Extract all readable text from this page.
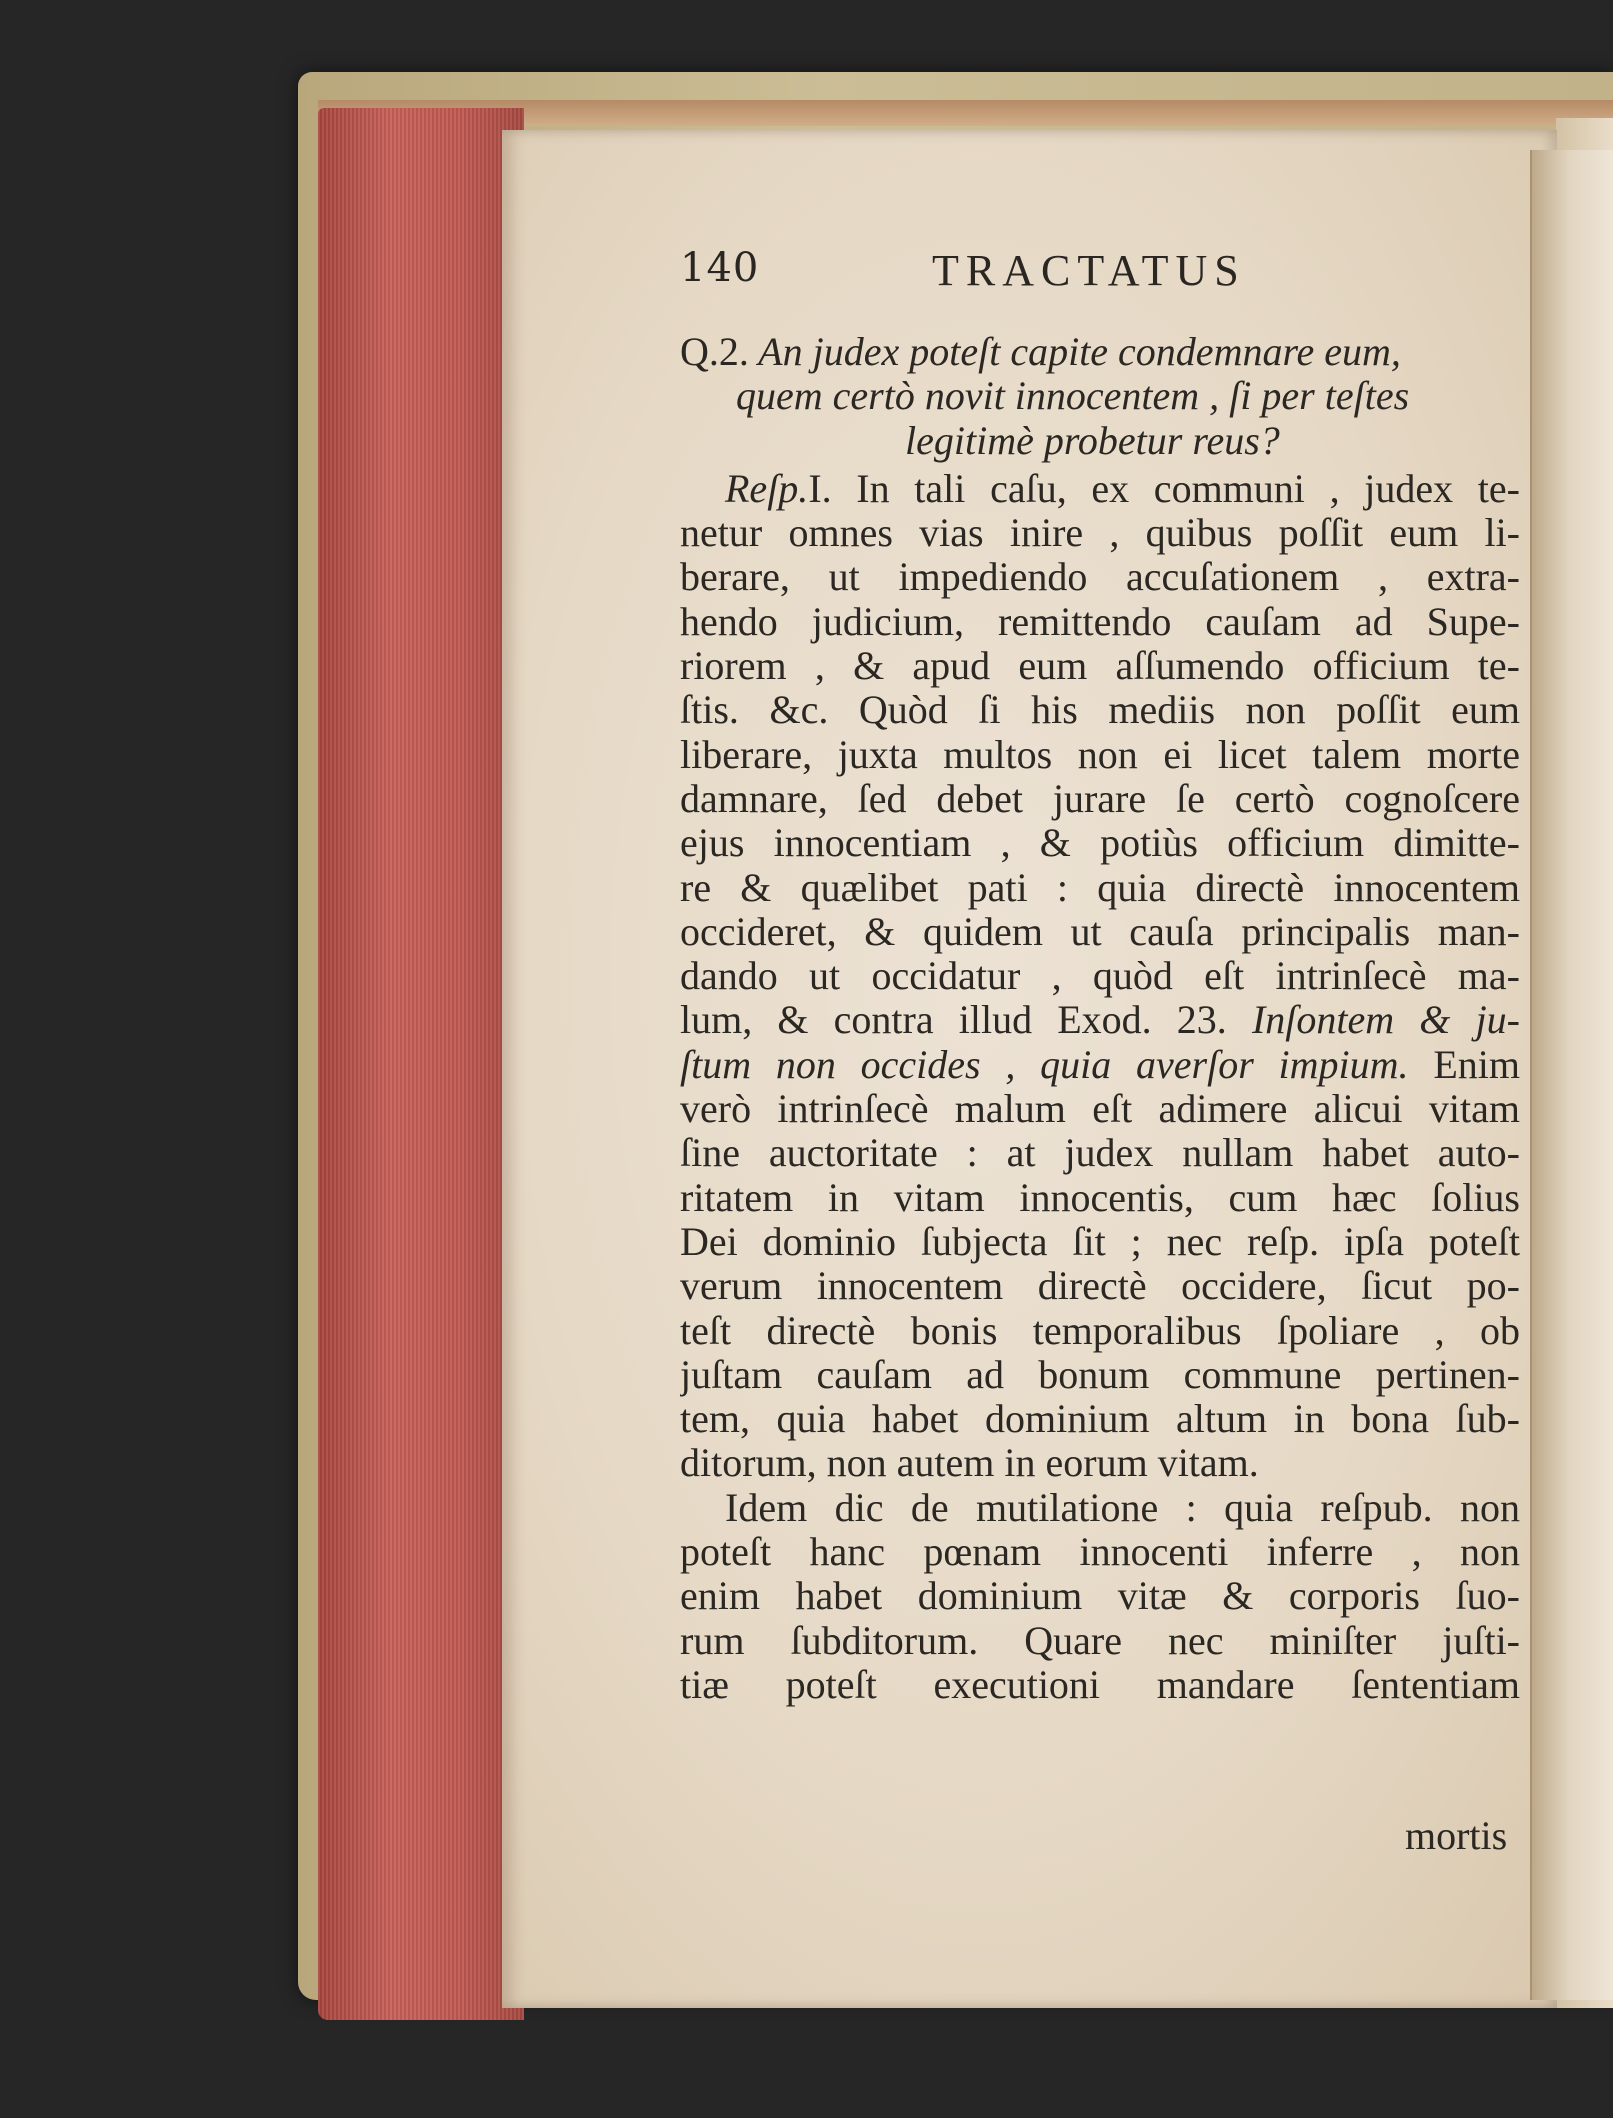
140	TRACTATUS
Q.2. An judex poteſt capite condemnare eum,
quem certò novit innocentem , ſi per teſtes
legitimè probetur reus?
Reſp.I. In tali caſu, ex communi , judex te-
netur omnes vias inire , quibus poſſit eum li-
berare, ut impediendo accuſationem , extra-
hendo judicium, remittendo cauſam ad Supe-
riorem , & apud eum aſſumendo officium te-
ſtis. &c. Quòd ſi his mediis non poſſit eum
liberare, juxta multos non ei licet talem morte
damnare, ſed debet jurare ſe certò cognoſcere
ejus innocentiam , & potiùs officium dimitte-
re & quælibet pati : quia directè innocentem
occideret, & quidem ut cauſa principalis man-
dando ut occidatur , quòd eſt intrinſecè ma-
lum, & contra illud Exod. 23. Inſontem & ju-
ſtum non occides , quia averſor impium. Enim
verò intrinſecè malum eſt adimere alicui vitam
ſine auctoritate : at judex nullam habet auto-
ritatem in vitam innocentis, cum hæc ſolius
Dei dominio ſubjecta ſit ; nec reſp. ipſa poteſt
verum innocentem directè occidere, ſicut po-
teſt directè bonis temporalibus ſpoliare , ob
juſtam cauſam ad bonum commune pertinen-
tem, quia habet dominium altum in bona ſub-
ditorum, non autem in eorum vitam.
Idem dic de mutilatione : quia reſpub. non
poteſt hanc pœnam innocenti inferre , non
enim habet dominium vitæ & corporis ſuo-
rum ſubditorum. Quare nec miniſter juſti-
tiæ poteſt executioni mandare ſententiam
mortis
